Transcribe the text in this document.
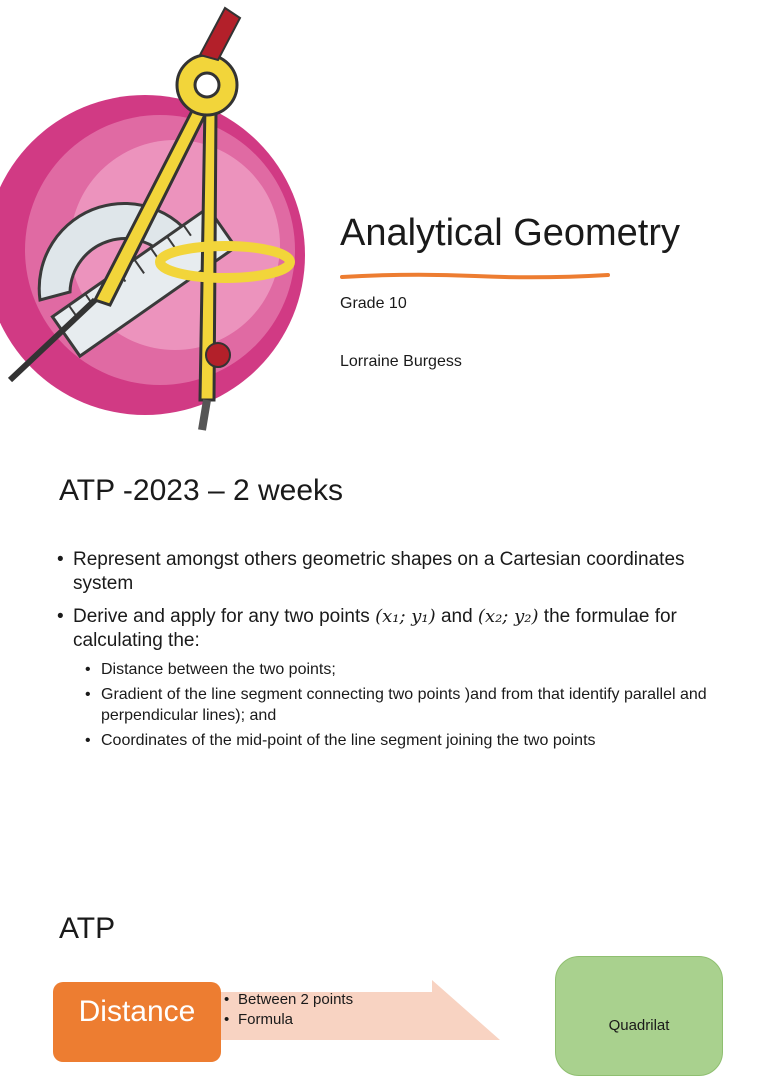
Analytical Geometry
Grade 10
Lorraine Burgess
ATP -2023 – 2 weeks
• Represent amongst others geometric shapes on a Cartesian coordinates system
• Derive and apply for any two points (x₁; y₁) and (x₂; y₂) the formulae for calculating the:
• Distance between the two points;
• Gradient of the line segment connecting two points )and from that identify parallel and perpendicular lines); and
• Coordinates of the mid-point of the line segment joining the two points
ATP
• Between 2 points
• Formula
Distance	Quadrilat
